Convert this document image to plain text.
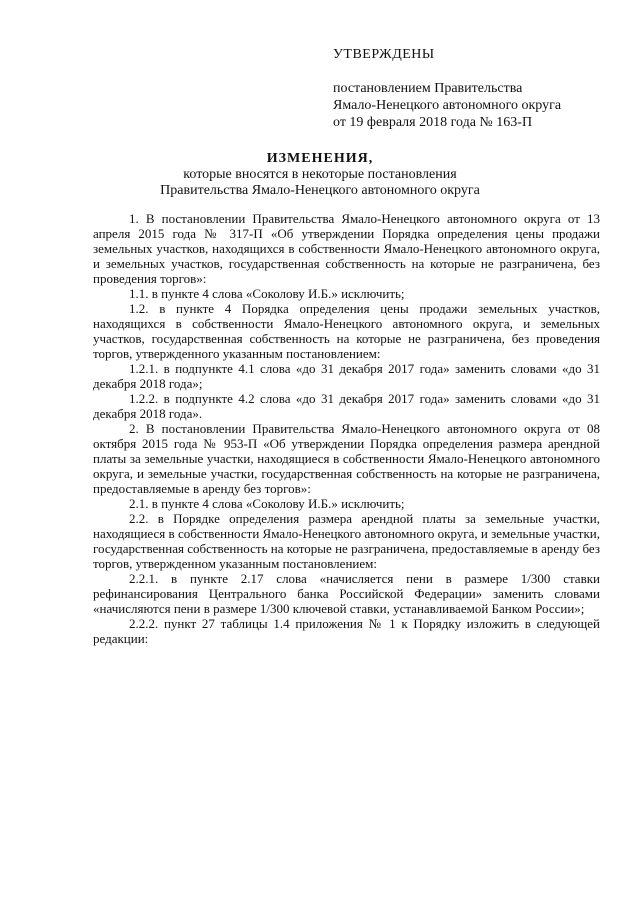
УТВЕРЖДЕНЫ
постановлением Правительства
Ямало-Ненецкого автономного округа
от 19 февраля 2018 года № 163-П
ИЗМЕНЕНИЯ,
которые вносятся в некоторые постановления
Правительства Ямало-Ненецкого автономного округа

1. В постановлении Правительства Ямало-Ненецкого автономного округа от 13 апреля 2015 года № 317-П «Об утверждении Порядка определения цены продажи земельных участков, находящихся в собственности Ямало-Ненецкого автономного округа, и земельных участков, государственная собственность на которые не разграничена, без проведения торгов»:

1.1. в пункте 4 слова «Соколову И.Б.» исключить;

1.2. в пункте 4 Порядка определения цены продажи земельных участков, находящихся в собственности Ямало-Ненецкого автономного округа, и земельных участков, государственная собственность на которые не разграничена, без проведения торгов, утвержденного указанным постановлением:

1.2.1. в подпункте 4.1 слова «до 31 декабря 2017 года» заменить словами «до 31 декабря 2018 года»;

1.2.2. в подпункте 4.2 слова «до 31 декабря 2017 года» заменить словами «до 31 декабря 2018 года».

2. В постановлении Правительства Ямало-Ненецкого автономного округа от 08 октября 2015 года № 953-П «Об утверждении Порядка определения размера арендной платы за земельные участки, находящиеся в собственности Ямало-Ненецкого автономного округа, и земельные участки, государственная собственность на которые не разграничена, предоставляемые в аренду без торгов»:

2.1. в пункте 4 слова «Соколову И.Б.» исключить;

2.2. в Порядке определения размера арендной платы за земельные участки, находящиеся в собственности Ямало-Ненецкого автономного округа, и земельные участки, государственная собственность на которые не разграничена, предоставляемые в аренду без торгов, утвержденном указанным постановлением:

2.2.1. в пункте 2.17 слова «начисляется пени в размере 1/300 ставки рефинансирования Центрального банка Российской Федерации» заменить словами «начисляются пени в размере 1/300 ключевой ставки, устанавливаемой Банком России»;

2.2.2. пункт 27 таблицы 1.4 приложения № 1 к Порядку изложить в следующей редакции:
